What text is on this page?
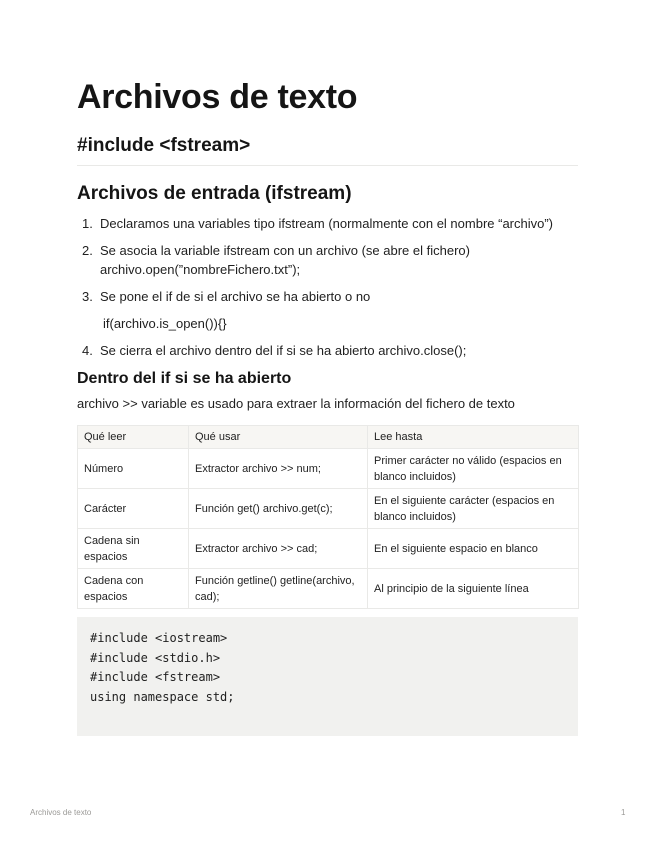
Archivos de texto
#include <fstream>
Archivos de entrada (ifstream)
1. Declaramos una variables tipo ifstream (normalmente con el nombre “archivo”)
2. Se asocia la variable ifstream con un archivo (se abre el fichero) archivo.open(”nombreFichero.txt”);
3. Se pone el if de si el archivo se ha abierto o no
if(archivo.is_open()){}
4. Se cierra el archivo dentro del if si se ha abierto archivo.close();
Dentro del if si se ha abierto

archivo >> variable es usado para extraer la información del fichero de texto

Qué leer	Qué usar	Lee hasta
Número	Extractor archivo >> num;	Primer carácter no válido (espacios en blanco incluidos)
Carácter	Función get() archivo.get(c);	En el siguiente carácter (espacios en blanco incluidos)
Cadena sin espacios	Extractor archivo >> cad;	En el siguiente espacio en blanco
Cadena con espacios	Función getline() getline(archivo, cad);	Al principio de la siguiente línea
#include <iostream>
#include <stdio.h>
#include <fstream>
using namespace std;
Archivos de texto	1
